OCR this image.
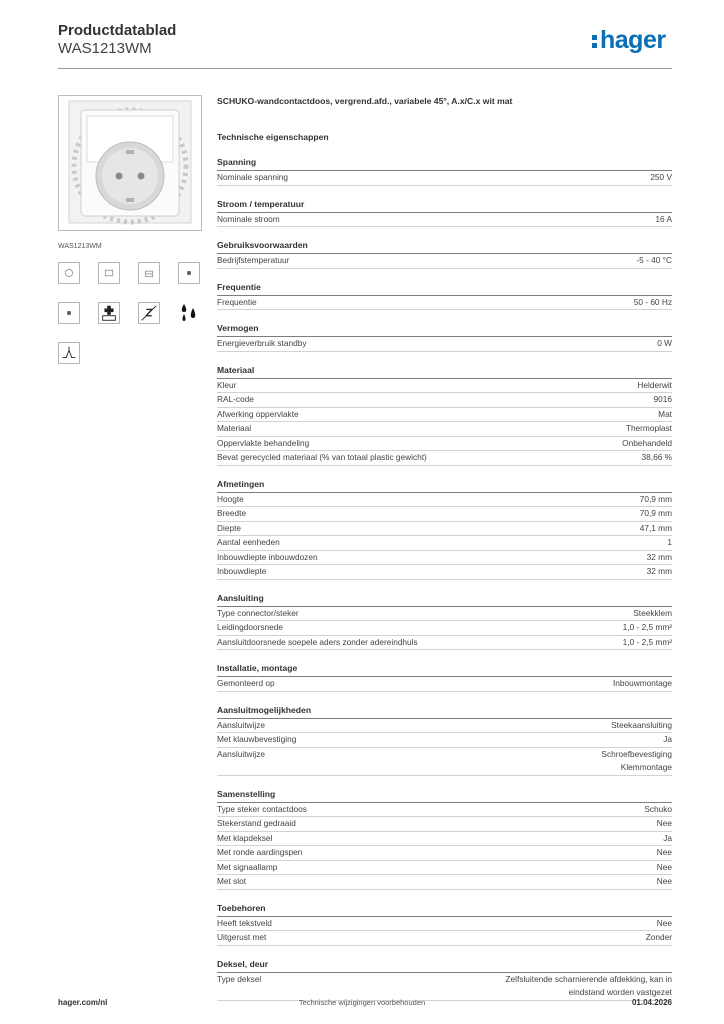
Productdatablad
WAS1213WM	hager
WAS1213WM
SCHUKO-wandcontactdoos, vergrend.afd., variabele 45°, A.x/C.x wit mat
Technische eigenschappen
Spanning
Nominale spanning	250 V
Stroom / temperatuur
Nominale stroom	16 A
Gebruiksvoorwaarden
Bedrijfstemperatuur	-5 - 40 °C
Frequentie
Frequentie	50 - 60 Hz
Vermogen
Energieverbruik standby	0 W
Materiaal
Kleur	Helderwit
RAL-code	9016
Afwerking oppervlakte	Mat
Materiaal	Thermoplast
Oppervlakte behandeling	Onbehandeld
Bevat gerecycled materiaal (% van totaal plastic gewicht)	38,66 %
Afmetingen
Hoogte	70,9 mm
Breedte	70,9 mm
Diepte	47,1 mm
Aantal eenheden	1
Inbouwdiepte inbouwdozen	32 mm
Inbouwdiepte	32 mm
Aansluiting
Type connector/steker	Steekklem
Leidingdoorsnede	1,0 - 2,5 mm²
Aansluitdoorsnede soepele aders zonder adereindhuls	1,0 - 2,5 mm²
Installatie, montage
Gemonteerd op	Inbouwmontage
Aansluitmogelijkheden
Aansluitwijze	Steekaansluiting
Met klauwbevestiging	Ja
Aansluitwijze	Schroefbevestiging
Klemmontage
Samenstelling
Type steker contactdoos	Schuko
Stekerstand gedraaid	Nee
Met klapdeksel	Ja
Met ronde aardingspen	Nee
Met signaallamp	Nee
Met slot	Nee
Toebehoren
Heeft tekstveld	Nee
Uitgerust met	Zonder
Deksel, deur
Type deksel	Zelfsluitende scharnierende afdekking, kan in
eindstand worden vastgezet
hager.com/nl	Technische wijzigingen voorbehouden	01.04.2026
